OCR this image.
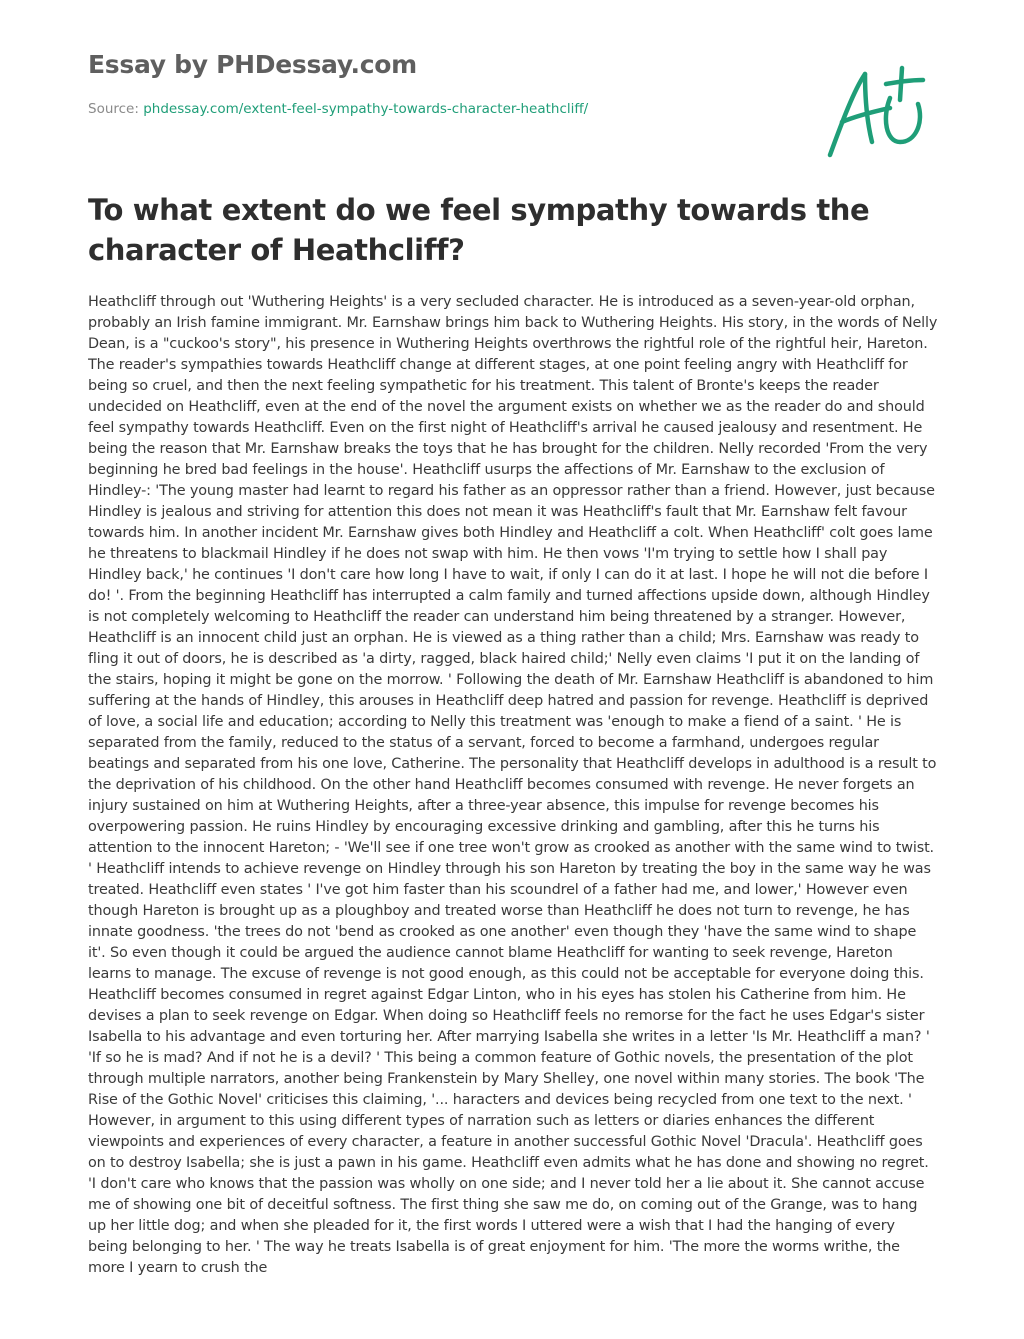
Essay by PHDessay.com
Source: phdessay.com/extent-feel-sympathy-towards-character-heathcliff/
To what extent do we feel sympathy towards the character of Heathcliff?

Heathcliff through out 'Wuthering Heights' is a very secluded character. He is introduced as a seven-year-old orphan, probably an Irish famine immigrant. Mr. Earnshaw brings him back to Wuthering Heights. His story, in the words of Nelly Dean, is a "cuckoo's story", his presence in Wuthering Heights overthrows the rightful role of the rightful heir, Hareton. The reader's sympathies towards Heathcliff change at different stages, at one point feeling angry with Heathcliff for being so cruel, and then the next feeling sympathetic for his treatment. This talent of Bronte's keeps the reader undecided on Heathcliff, even at the end of the novel the argument exists on whether we as the reader do and should feel sympathy towards Heathcliff. Even on the first night of Heathcliff's arrival he caused jealousy and resentment. He being the reason that Mr. Earnshaw breaks the toys that he has brought for the children. Nelly recorded 'From the very beginning he bred bad feelings in the house'. Heathcliff usurps the affections of Mr. Earnshaw to the exclusion of Hindley-: 'The young master had learnt to regard his father as an oppressor rather than a friend. However, just because Hindley is jealous and striving for attention this does not mean it was Heathcliff's fault that Mr. Earnshaw felt favour towards him. In another incident Mr. Earnshaw gives both Hindley and Heathcliff a colt. When Heathcliff' colt goes lame he threatens to blackmail Hindley if he does not swap with him. He then vows 'I'm trying to settle how I shall pay Hindley back,' he continues 'I don't care how long I have to wait, if only I can do it at last. I hope he will not die before I do! '. From the beginning Heathcliff has interrupted a calm family and turned affections upside down, although Hindley is not completely welcoming to Heathcliff the reader can understand him being threatened by a stranger. However, Heathcliff is an innocent child just an orphan. He is viewed as a thing rather than a child; Mrs. Earnshaw was ready to fling it out of doors, he is described as 'a dirty, ragged, black haired child;' Nelly even claims 'I put it on the landing of the stairs, hoping it might be gone on the morrow. ' Following the death of Mr. Earnshaw Heathcliff is abandoned to him suffering at the hands of Hindley, this arouses in Heathcliff deep hatred and passion for revenge. Heathcliff is deprived of love, a social life and education; according to Nelly this treatment was 'enough to make a fiend of a saint. ' He is separated from the family, reduced to the status of a servant, forced to become a farmhand, undergoes regular beatings and separated from his one love, Catherine. The personality that Heathcliff develops in adulthood is a result to the deprivation of his childhood. On the other hand Heathcliff becomes consumed with revenge. He never forgets an injury sustained on him at Wuthering Heights, after a three-year absence, this impulse for revenge becomes his overpowering passion. He ruins Hindley by encouraging excessive drinking and gambling, after this he turns his attention to the innocent Hareton; - 'We'll see if one tree won't grow as crooked as another with the same wind to twist. ' Heathcliff intends to achieve revenge on Hindley through his son Hareton by treating the boy in the same way he was treated. Heathcliff even states ' I've got him faster than his scoundrel of a father had me, and lower,' However even though Hareton is brought up as a ploughboy and treated worse than Heathcliff he does not turn to revenge, he has innate goodness. 'the trees do not 'bend as crooked as one another' even though they 'have the same wind to shape it'. So even though it could be argued the audience cannot blame Heathcliff for wanting to seek revenge, Hareton learns to manage. The excuse of revenge is not good enough, as this could not be acceptable for everyone doing this. Heathcliff becomes consumed in regret against Edgar Linton, who in his eyes has stolen his Catherine from him. He devises a plan to seek revenge on Edgar. When doing so Heathcliff feels no remorse for the fact he uses Edgar's sister Isabella to his advantage and even torturing her. After marrying Isabella she writes in a letter 'Is Mr. Heathcliff a man? ' 'If so he is mad? And if not he is a devil? ' This being a common feature of Gothic novels, the presentation of the plot through multiple narrators, another being Frankenstein by Mary Shelley, one novel within many stories. The book 'The Rise of the Gothic Novel' criticises this claiming, '... haracters and devices being recycled from one text to the next. ' However, in argument to this using different types of narration such as letters or diaries enhances the different viewpoints and experiences of every character, a feature in another successful Gothic Novel 'Dracula'. Heathcliff goes on to destroy Isabella; she is just a pawn in his game. Heathcliff even admits what he has done and showing no regret. 'I don't care who knows that the passion was wholly on one side; and I never told her a lie about it. She cannot accuse me of showing one bit of deceitful softness. The first thing she saw me do, on coming out of the Grange, was to hang up her little dog; and when she pleaded for it, the first words I uttered were a wish that I had the hanging of every being belonging to her. ' The way he treats Isabella is of great enjoyment for him. 'The more the worms writhe, the more I yearn to crush the
